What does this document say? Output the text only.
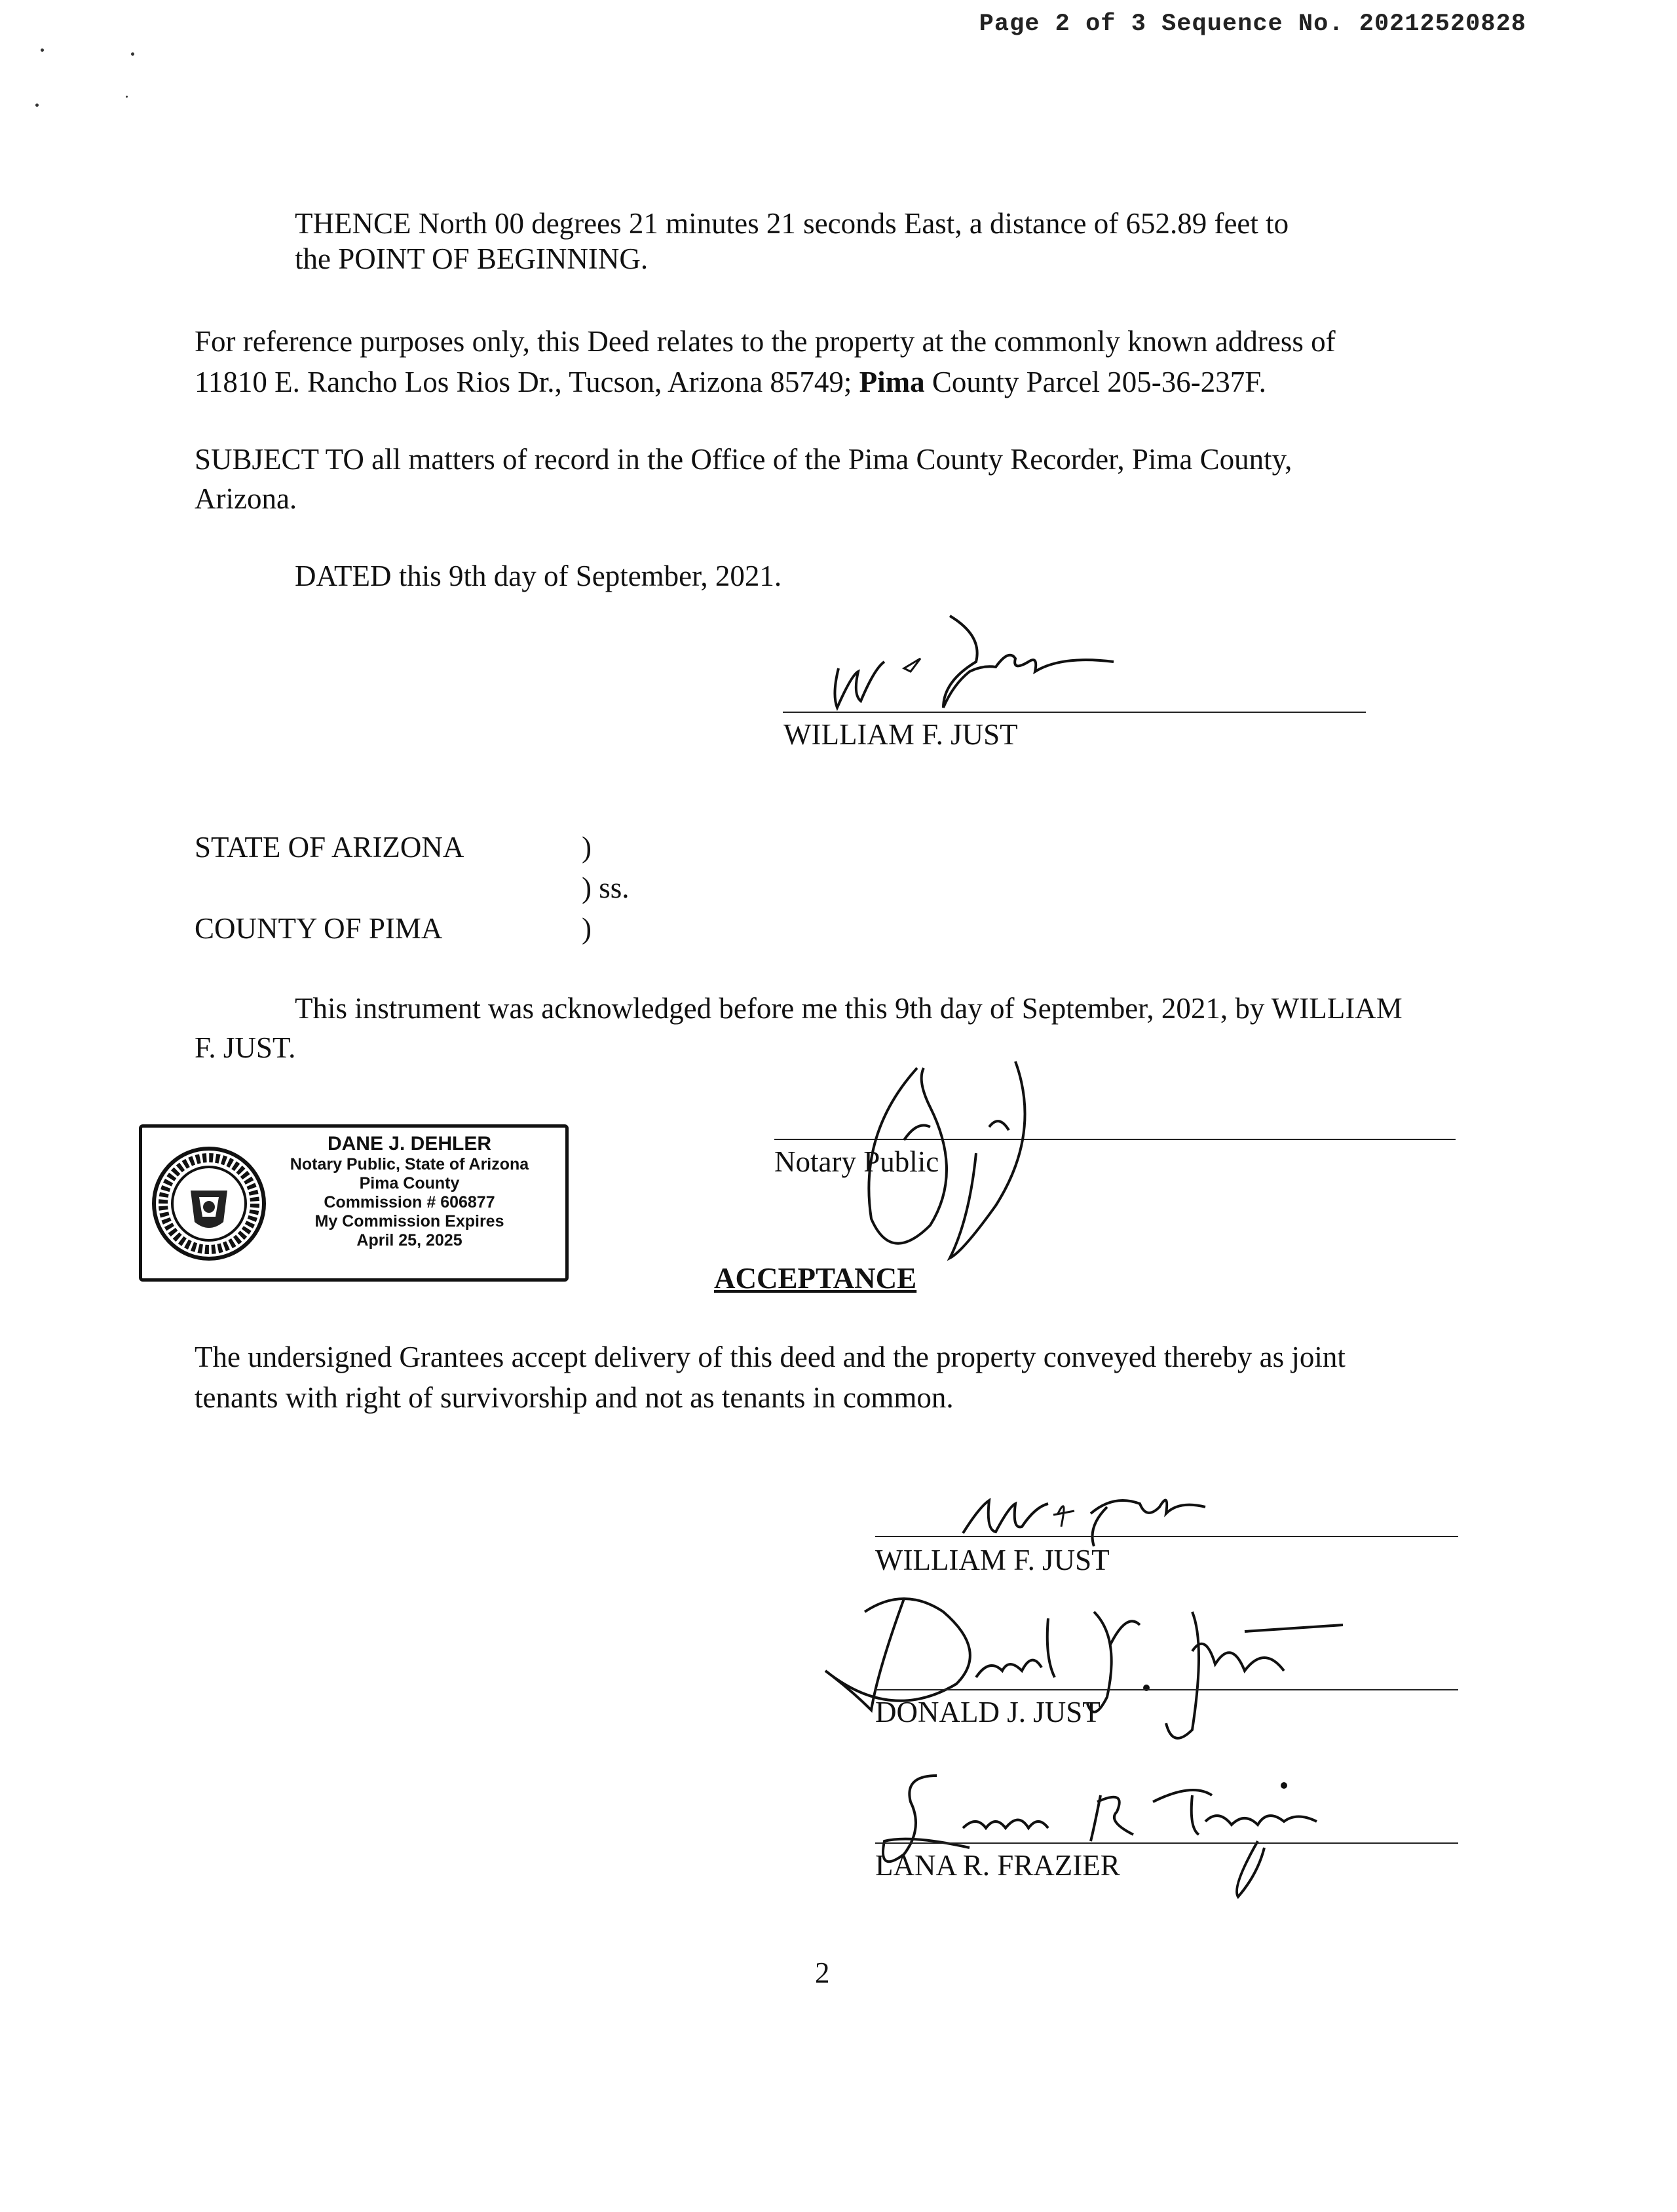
Page 2 of 3 Sequence No. 20212520828
THENCE North 00 degrees 21 minutes 21 seconds East, a distance of 652.89 feet to
the POINT OF BEGINNING.
For reference purposes only, this Deed relates to the property at the commonly known address of
11810 E. Rancho Los Rios Dr., Tucson, Arizona 85749; Pima County Parcel 205-36-237F.
SUBJECT TO all matters of record in the Office of the Pima County Recorder, Pima County,
Arizona.
DATED this 9th day of September, 2021.
WILLIAM F. JUST
STATE OF ARIZONA	)
) ss.
COUNTY OF PIMA	)
This instrument was acknowledged before me this 9th day of September, 2021, by WILLIAM
F. JUST.
DANE J. DEHLER
Notary Public, State of Arizona
Pima County
Commission # 606877
My Commission Expires
April 25, 2025
Notary Public
ACCEPTANCE
The undersigned Grantees accept delivery of this deed and the property conveyed thereby as joint
tenants with right of survivorship and not as tenants in common.
WILLIAM F. JUST
DONALD J. JUST
LANA R. FRAZIER
2
